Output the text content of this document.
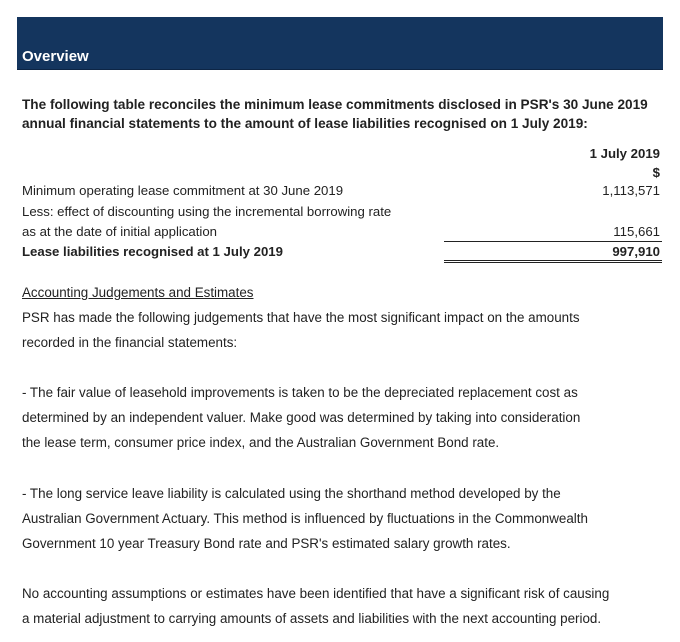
Overview

The following table reconciles the minimum lease commitments disclosed in PSR's 30 June 2019

annual financial statements to the amount of lease liabilities recognised on 1 July 2019:

1 July 2019
$
Minimum operating lease commitment at 30 June 2019	1,113,571
Less: effect of discounting using the incremental borrowing rate
as at the date of initial application	115,661
Lease liabilities recognised at 1 July 2019	997,910

Accounting Judgements and Estimates

PSR has made the following judgements that have the most significant impact on the amounts

recorded in the financial statements:

- The fair value of leasehold improvements is taken to be the depreciated replacement cost as

determined by an independent valuer. Make good was determined by taking into consideration

the lease term, consumer price index, and the Australian Government Bond rate.

- The long service leave liability is calculated using the shorthand method developed by the

Australian Government Actuary. This method is influenced by fluctuations in the Commonwealth

Government 10 year Treasury Bond rate and PSR's estimated salary growth rates.

No accounting assumptions or estimates have been identified that have a significant risk of causing

a material adjustment to carrying amounts of assets and liabilities with the next accounting period.
